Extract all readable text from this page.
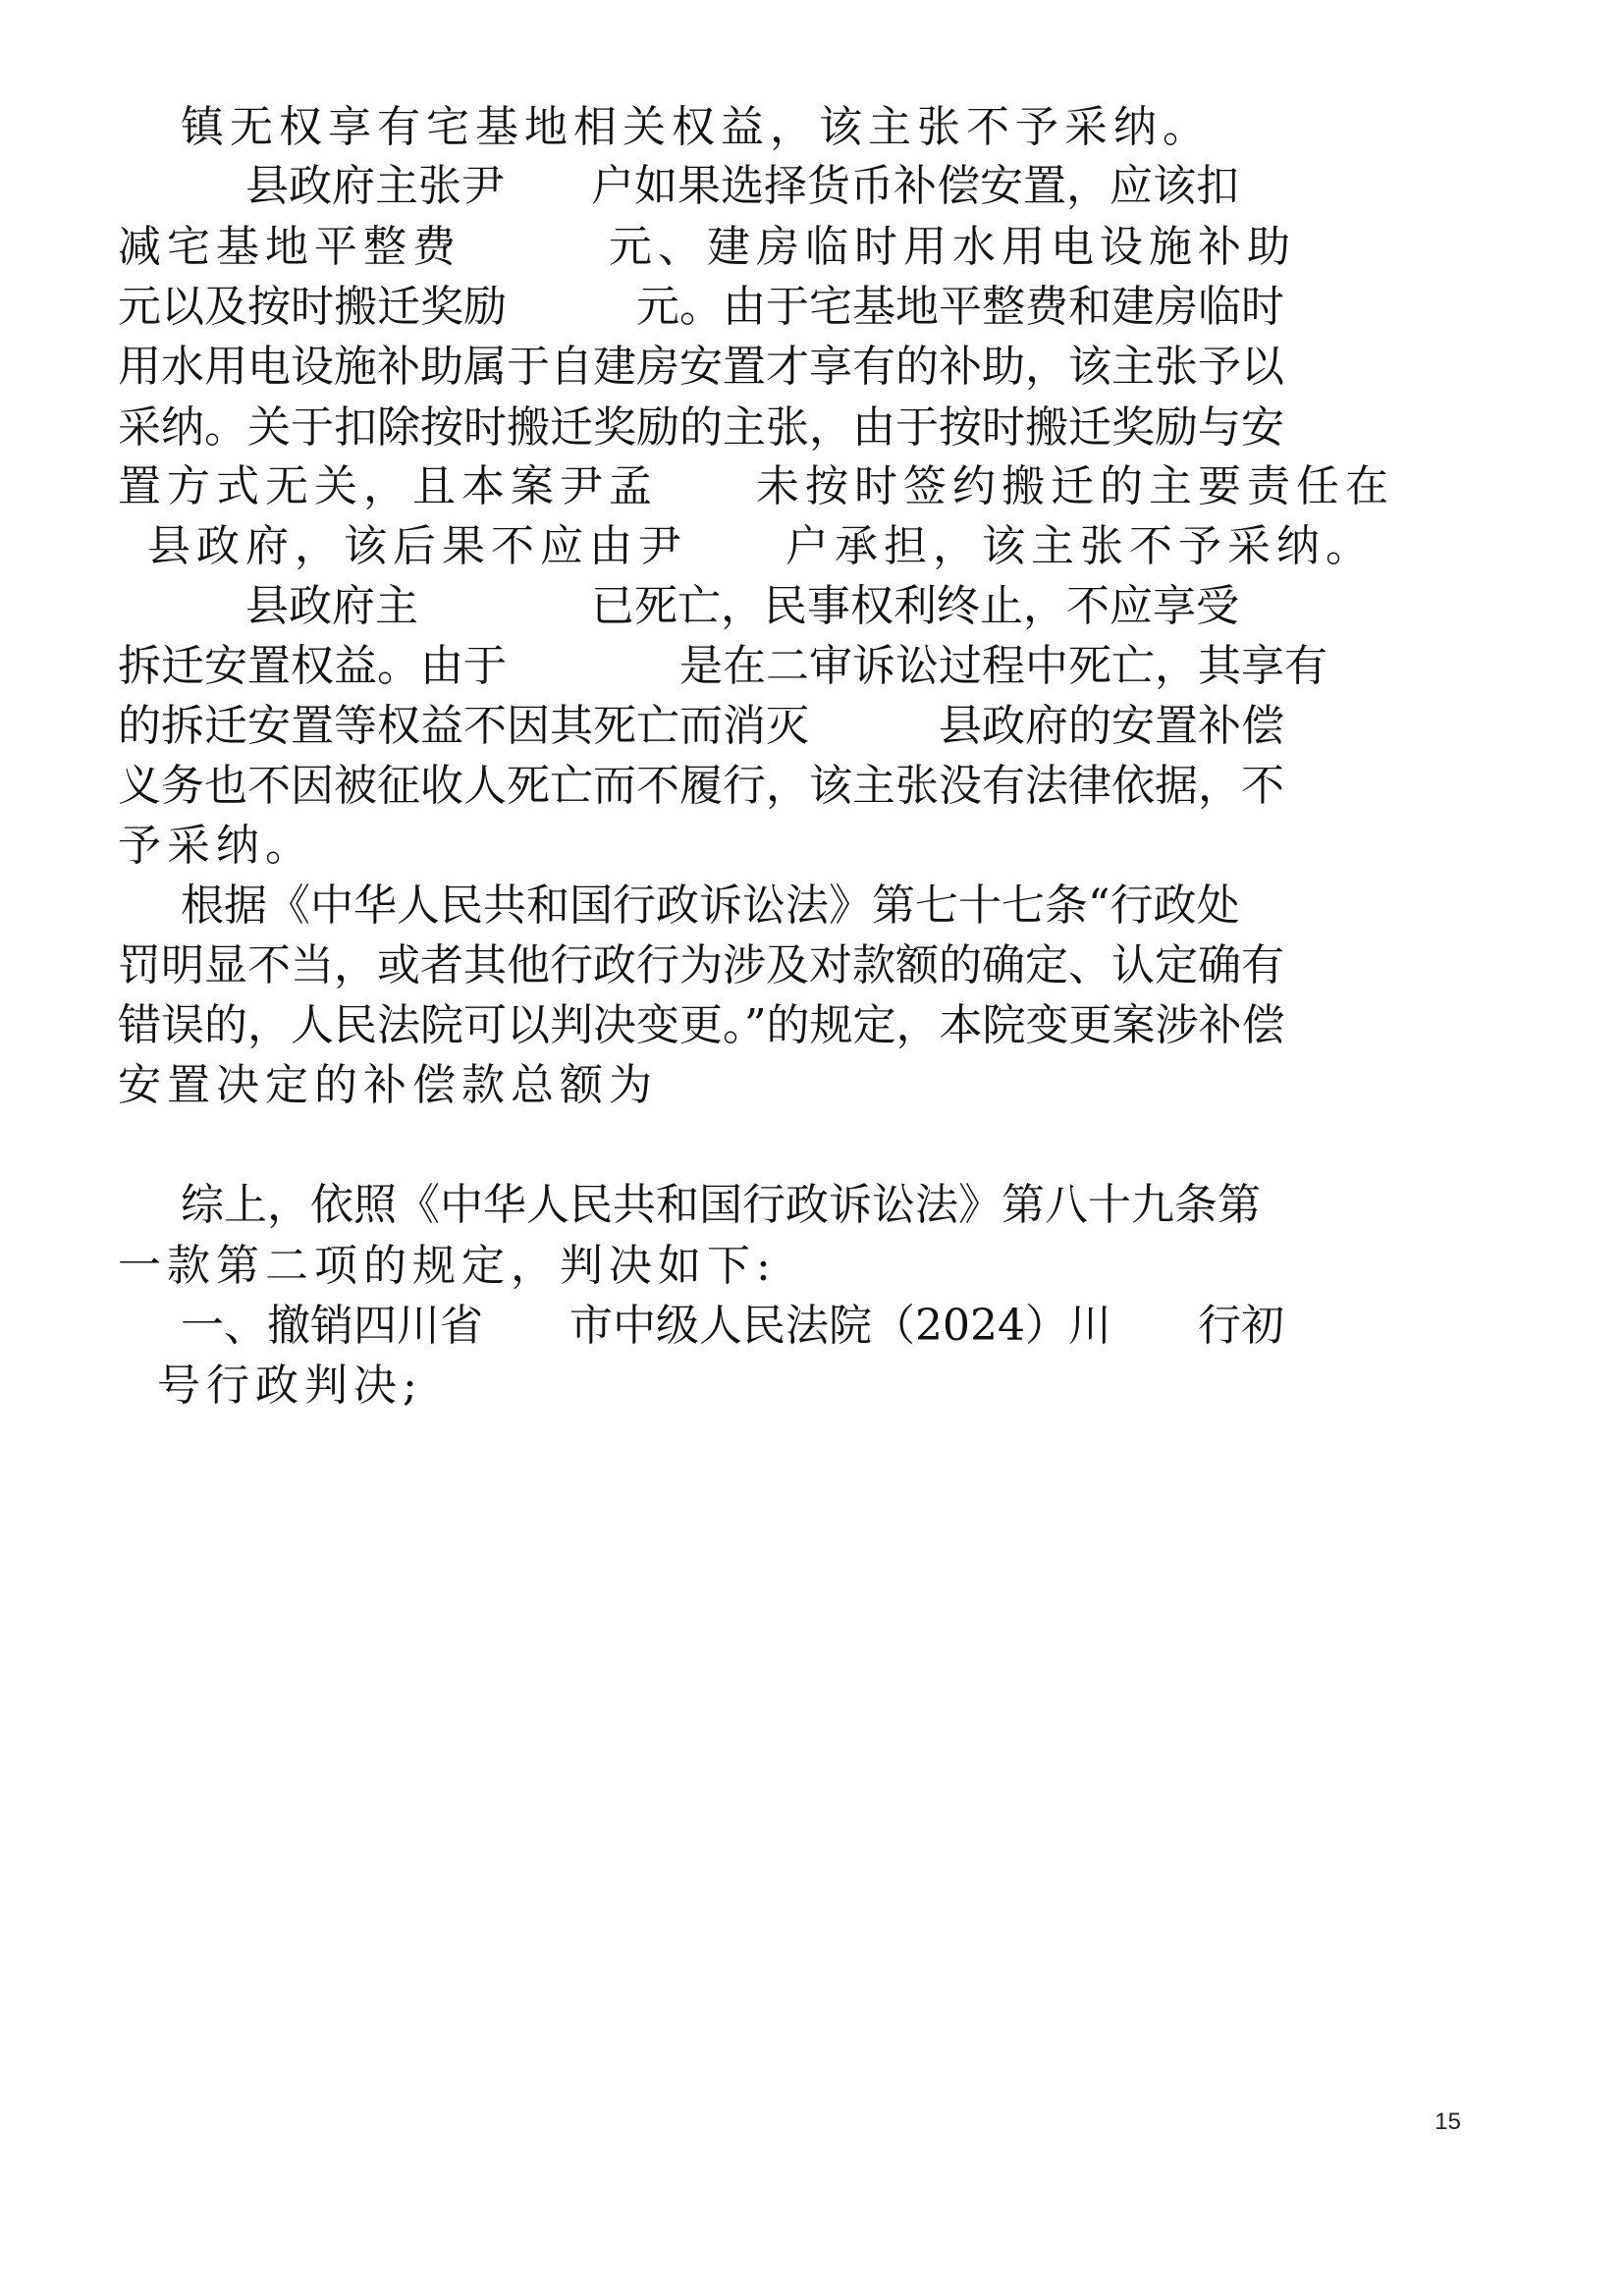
镇无权享有宅基地相关权益，该主张不予采纳。

县政府主张尹　　户如果选择货币补偿安置，应该扣

减宅基地平整费　　　元、建房临时用水用电设施补助

元以及按时搬迁奖励　　　元。由于宅基地平整费和建房临时

用水用电设施补助属于自建房安置才享有的补助，该主张予以

采纳。关于扣除按时搬迁奖励的主张，由于按时搬迁奖励与安

置方式无关，且本案尹孟　　未按时签约搬迁的主要责任在

县政府，该后果不应由尹　　户承担，该主张不予采纳。

县政府主　　　　已死亡，民事权利终止，不应享受

拆迁安置权益。由于　　　　是在二审诉讼过程中死亡，其享有

的拆迁安置等权益不因其死亡而消灭　　　县政府的安置补偿

义务也不因被征收人死亡而不履行，该主张没有法律依据，不

予采纳。

根据《中华人民共和国行政诉讼法》第七十七条“行政处

罚明显不当，或者其他行政行为涉及对款额的确定、认定确有

错误的，人民法院可以判决变更。”的规定，本院变更案涉补偿

安置决定的补偿款总额为

综上，依照《中华人民共和国行政诉讼法》第八十九条第

一款第二项的规定，判决如下:

一、撤销四川省　　市中级人民法院（2024）川　　行初

号行政判决;

15
